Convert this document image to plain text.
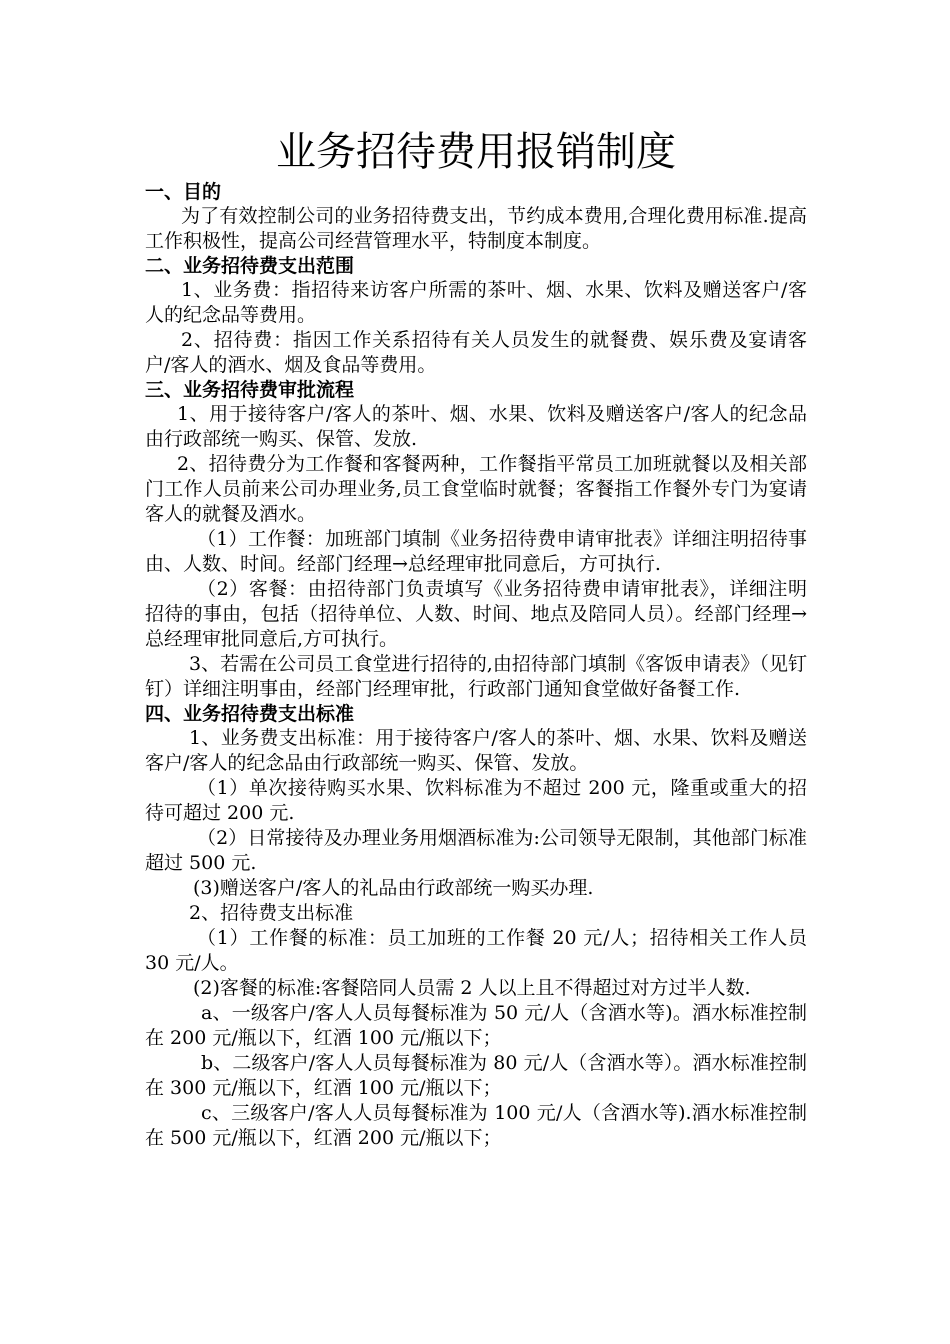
业务招待费用报销制度
一、目的

为了有效控制公司的业务招待费支出，节约成本费用,合理化费用标准.提高工作积极性，提高公司经营管理水平，特制度本制度。

二、业务招待费支出范围

1、业务费：指招待来访客户所需的茶叶、烟、水果、饮料及赠送客户/客人的纪念品等费用。

2、招待费：指因工作关系招待有关人员发生的就餐费、娱乐费及宴请客户/客人的酒水、烟及食品等费用。

三、业务招待费审批流程

1、用于接待客户/客人的茶叶、烟、水果、饮料及赠送客户/客人的纪念品由行政部统一购买、保管、发放.

2、招待费分为工作餐和客餐两种，工作餐指平常员工加班就餐以及相关部门工作人员前来公司办理业务,员工食堂临时就餐；客餐指工作餐外专门为宴请客人的就餐及酒水。

（1）工作餐：加班部门填制《业务招待费申请审批表》详细注明招待事由、人数、时间。经部门经理→总经理审批同意后，方可执行.

（2）客餐：由招待部门负责填写《业务招待费申请审批表》，详细注明招待的事由，包括（招待单位、人数、时间、地点及陪同人员）。经部门经理→总经理审批同意后,方可执行。

3、若需在公司员工食堂进行招待的,由招待部门填制《客饭申请表》（见钉钉）详细注明事由，经部门经理审批，行政部门通知食堂做好备餐工作.

四、业务招待费支出标准

1、业务费支出标准：用于接待客户/客人的茶叶、烟、水果、饮料及赠送客户/客人的纪念品由行政部统一购买、保管、发放。

（1）单次接待购买水果、饮料标准为不超过 200 元，隆重或重大的招待可超过 200 元.

（2）日常接待及办理业务用烟酒标准为:公司领导无限制，其他部门标准超过 500 元.

(3)赠送客户/客人的礼品由行政部统一购买办理.

2、招待费支出标准

（1）工作餐的标准：员工加班的工作餐 20 元/人；招待相关工作人员 30 元/人。

(2)客餐的标准:客餐陪同人员需 2 人以上且不得超过对方过半人数.

a、一级客户/客人人员每餐标准为 50 元/人（含酒水等)。酒水标准控制在 200 元/瓶以下，红酒 100 元/瓶以下；

b、二级客户/客人人员每餐标准为 80 元/人（含酒水等）。酒水标准控制在 300 元/瓶以下，红酒 100 元/瓶以下；

c、三级客户/客人人员每餐标准为 100 元/人（含酒水等).酒水标准控制在 500 元/瓶以下，红酒 200 元/瓶以下；
